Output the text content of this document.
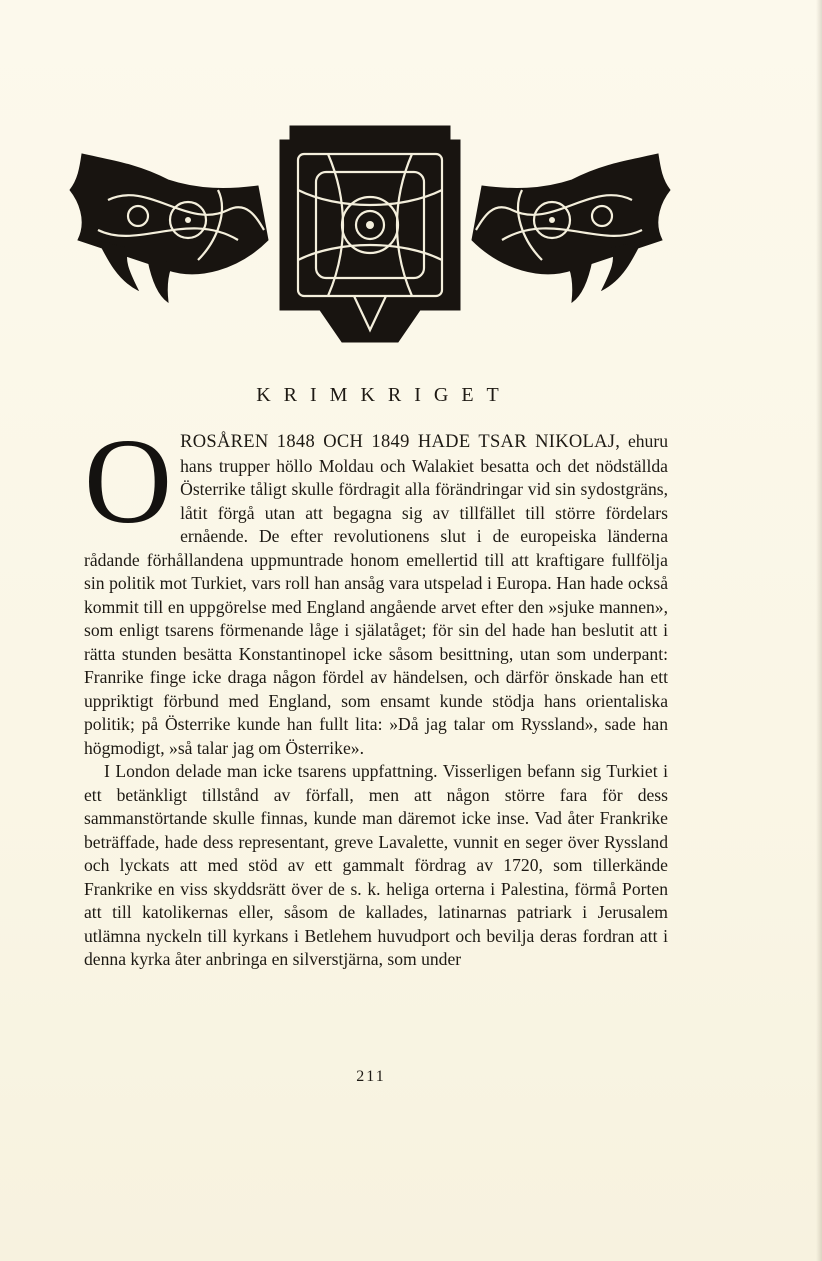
KRIMKRIGET

O ROSÅREN 1848 OCH 1849 HADE TSAR NIKOLAJ, ehuru hans trupper höllo Moldau och Walakiet besatta och det nödställda Österrike tåligt skulle fördragit alla förändringar vid sin sydostgräns, låtit förgå utan att begagna sig av tillfället till större fördelars ernående. De efter revolutionens slut i de europeiska länderna rådande förhållandena uppmuntrade honom emellertid till att kraftigare fullfölja sin politik mot Turkiet, vars roll han ansåg vara utspelad i Europa. Han hade också kommit till en uppgörelse med England angående arvet efter den »sjuke mannen», som enligt tsarens förmenande låge i själatåget; för sin del hade han beslutit att i rätta stunden besätta Konstantinopel icke såsom besittning, utan som underpant: Franrike finge icke draga någon fördel av händelsen, och därför önskade han ett uppriktigt förbund med England, som ensamt kunde stödja hans orientaliska politik; på Österrike kunde han fullt lita: »Då jag talar om Ryssland», sade han högmodigt, »så talar jag om Österrike».

I London delade man icke tsarens uppfattning. Visserligen befann sig Turkiet i ett betänkligt tillstånd av förfall, men att någon större fara för dess sammanstörtande skulle finnas, kunde man däremot icke inse. Vad åter Frankrike beträffade, hade dess representant, greve Lavalette, vunnit en seger över Ryssland och lyckats att med stöd av ett gammalt fördrag av 1720, som tillerkände Frankrike en viss skyddsrätt över de s. k. heliga orterna i Palestina, förmå Porten att till katolikernas eller, såsom de kallades, latinarnas patriark i Jerusalem utlämna nyckeln till kyrkans i Betlehem huvudport och bevilja deras fordran att i denna kyrka åter anbringa en silverstjärna, som under

211
